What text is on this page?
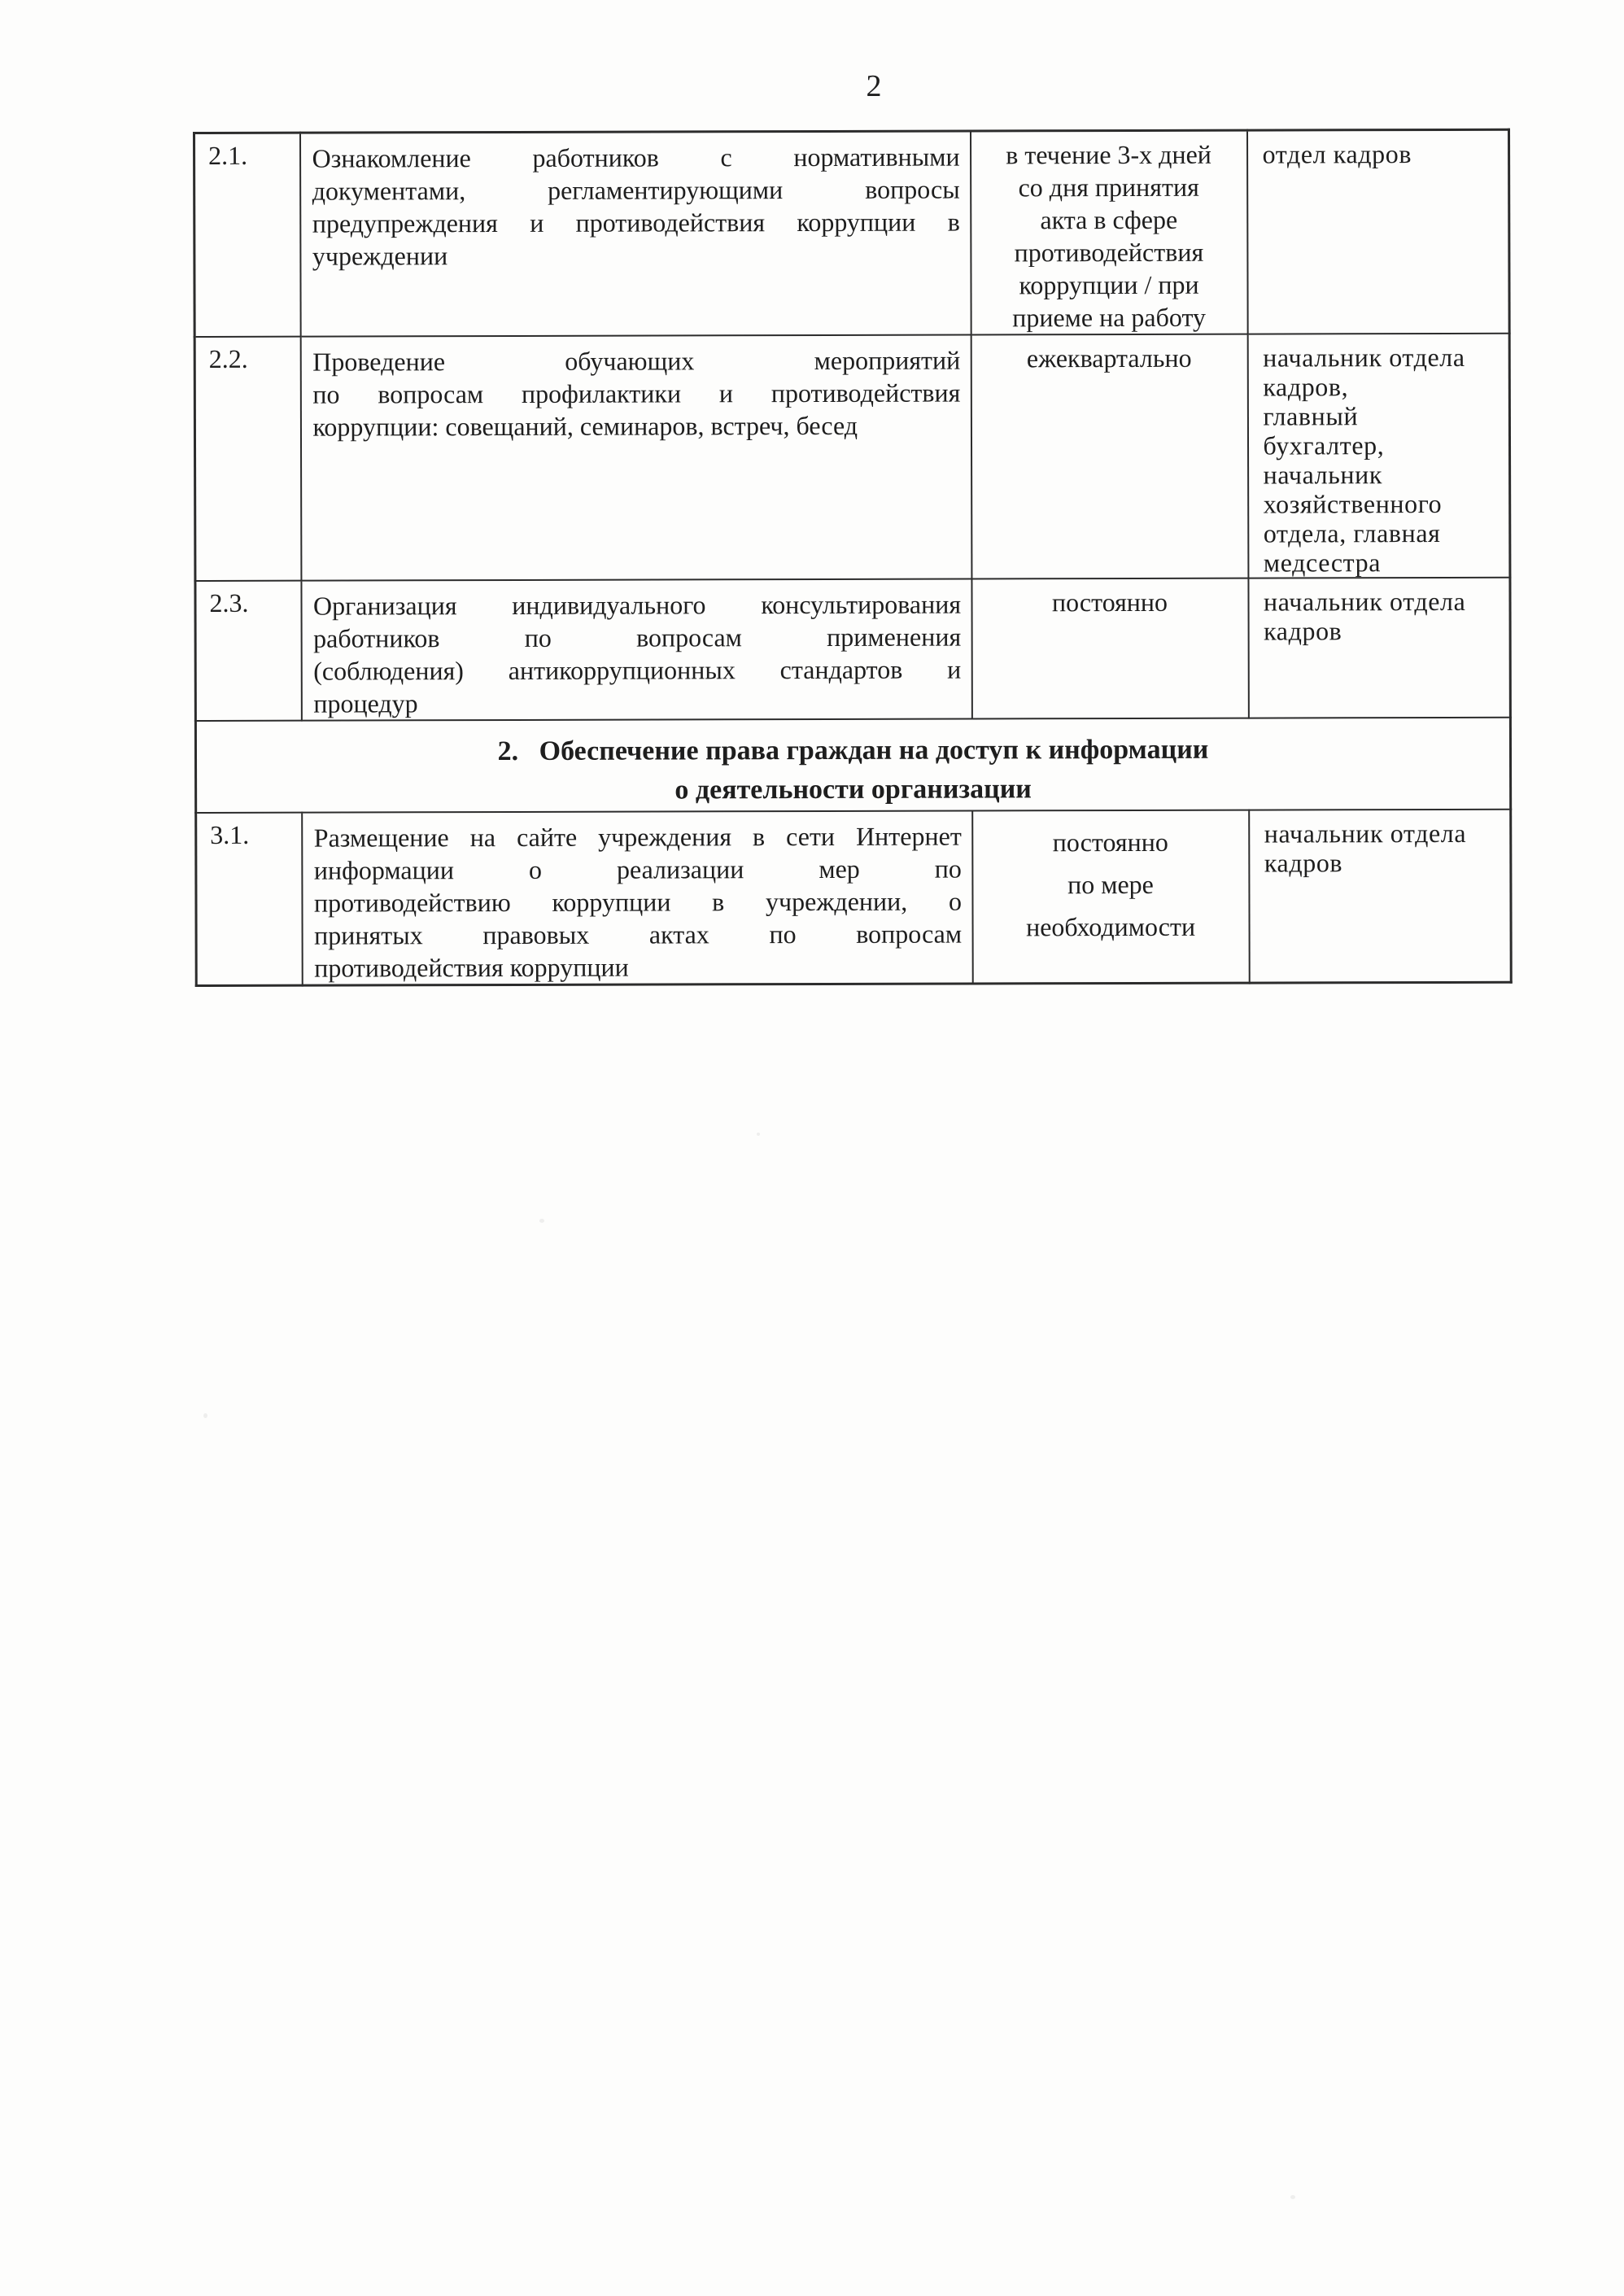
2
2.1.	Ознакомление работников с нормативными
документами, регламентирующими вопросы
предупреждения и противодействия коррупции в
учреждении
	в течение 3-х дней
со дня принятия
акта в сфере
противодействия
коррупции / при
приеме на работу	отдел кадров
2.2.	Проведение обучающих мероприятий
по вопросам профилактики и противодействия
коррупции: совещаний, семинаров, встреч, бесед
	ежеквартально	начальник отдела
кадров,
главный
бухгалтер,
начальник
хозяйственного
отдела, главная
медсестра
2.3.	Организация индивидуального консультирования
работников по вопросам применения
(соблюдения) антикоррупционных стандартов и
процедур
	постоянно	начальник отдела
кадров
2.   Обеспечение права граждан на доступ к информации
о деятельности организации			
3.1.	Размещение на сайте учреждения в сети Интернет
информации о реализации мер по
противодействию коррупции в учреждении, о
принятых правовых актах по вопросам
противодействия коррупции
	постоянно
по мере
необходимости	начальник отдела
кадров
